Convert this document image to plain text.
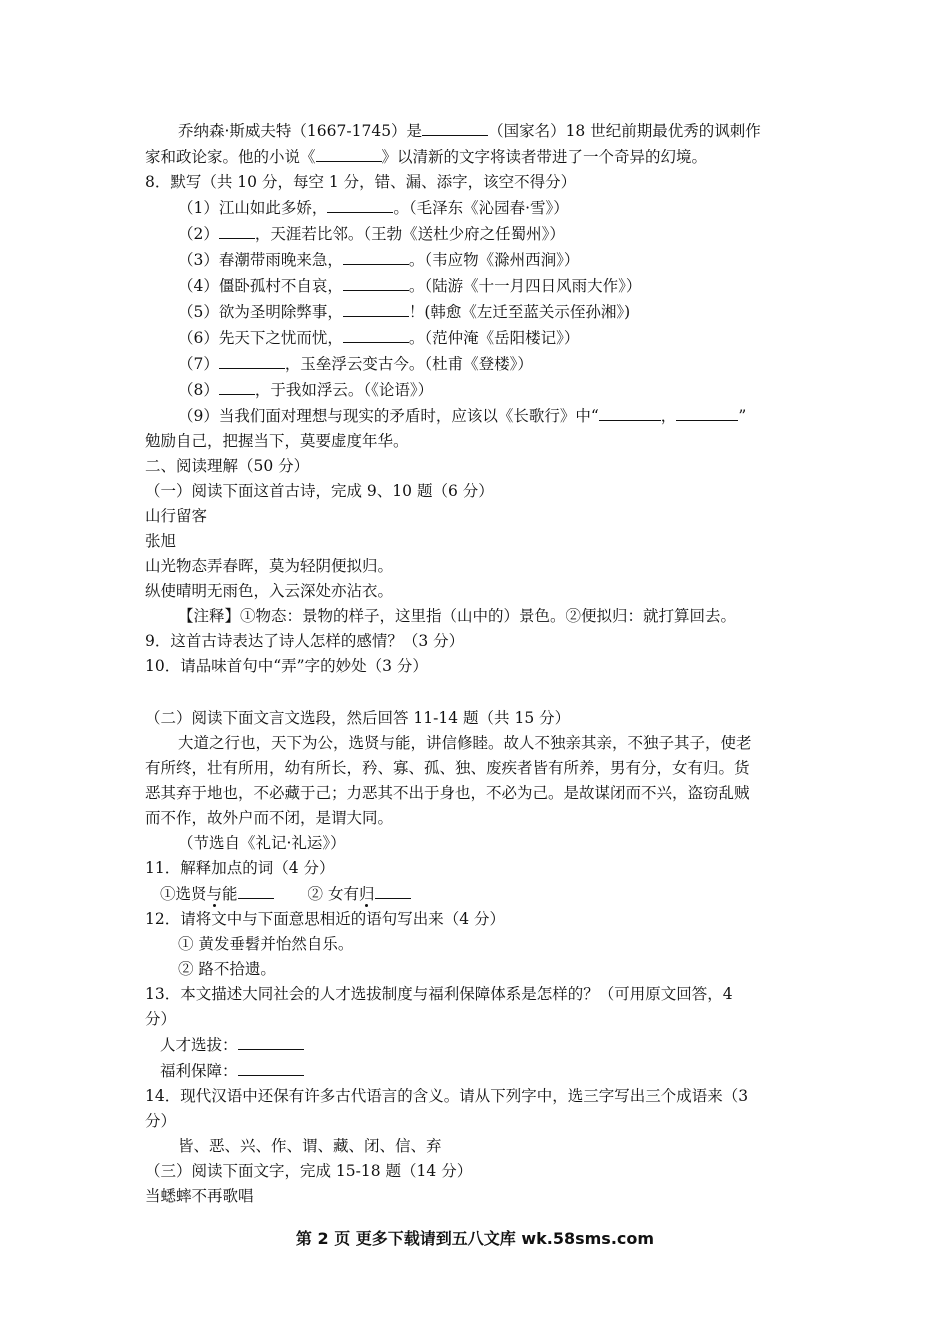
乔纳森·斯威夫特（1667-1745）是	（国家名）18 世纪前期最优秀的讽刺作
家和政论家。他的小说《	》以清新的文字将读者带进了一个奇异的幻境。
8．默写（共 10 分，每空 1 分，错、漏、添字，该空不得分）
（1）江山如此多娇，	。（毛泽东《沁园春·雪》）
（2） ，天涯若比邻。（王勃《送杜少府之任蜀州》）
（3）春潮带雨晚来急，	。（韦应物《滁州西涧》）
（4）僵卧孤村不自哀，	。（陆游《十一月四日风雨大作》）
（5）欲为圣明除弊事，	！(韩愈《左迁至蓝关示侄孙湘》)
（6）先天下之忧而忧，	。（范仲淹《岳阳楼记》）
（7）	，玉垒浮云变古今。（杜甫《登楼》）
（8） ，于我如浮云。（《论语》）
（9）当我们面对理想与现实的矛盾时，应该以《长歌行》中“	，	”
勉励自己，把握当下，莫要虚度年华。
二、阅读理解（50 分）
（一）阅读下面这首古诗，完成 9、10 题（6 分）
山行留客
张旭
山光物态弄春晖，莫为轻阴便拟归。
纵使晴明无雨色，入云深处亦沾衣。
【注释】①物态：景物的样子，这里指（山中的）景色。②便拟归：就打算回去。
9．这首古诗表达了诗人怎样的感情？（3 分）
10．请品味首句中“弄”字的妙处（3 分）
（二）阅读下面文言文选段，然后回答 11-14 题（共 15 分）
大道之行也，天下为公，选贤与能，讲信修睦。故人不独亲其亲，不独子其子，使老
有所终，壮有所用，幼有所长，矜、寡、孤、独、废疾者皆有所养，男有分，女有归。货
恶其弃于地也，不必藏于己；力恶其不出于身也，不必为己。是故谋闭而不兴，盗窃乱贼
而不作，故外户而不闭，是谓大同。
（节选自《礼记·礼运》）
11．解释加点的词（4 分）
①选贤与能	② 女有归
12．请将文中与下面意思相近的语句写出来（4 分）
① 黄发垂髫并怡然自乐。
② 路不拾遗。
13．本文描述大同社会的人才选拔制度与福利保障体系是怎样的？（可用原文回答，4
分）
人才选拔：
福利保障：
14．现代汉语中还保有许多古代语言的含义。请从下列字中，选三字写出三个成语来（3
分）
皆、恶、兴、作、谓、藏、闭、信、弃
（三）阅读下面文字，完成 15-18 题（14 分）
当蟋蟀不再歌唱
第 2 页 更多下载请到五八文库 wk.58sms.com
